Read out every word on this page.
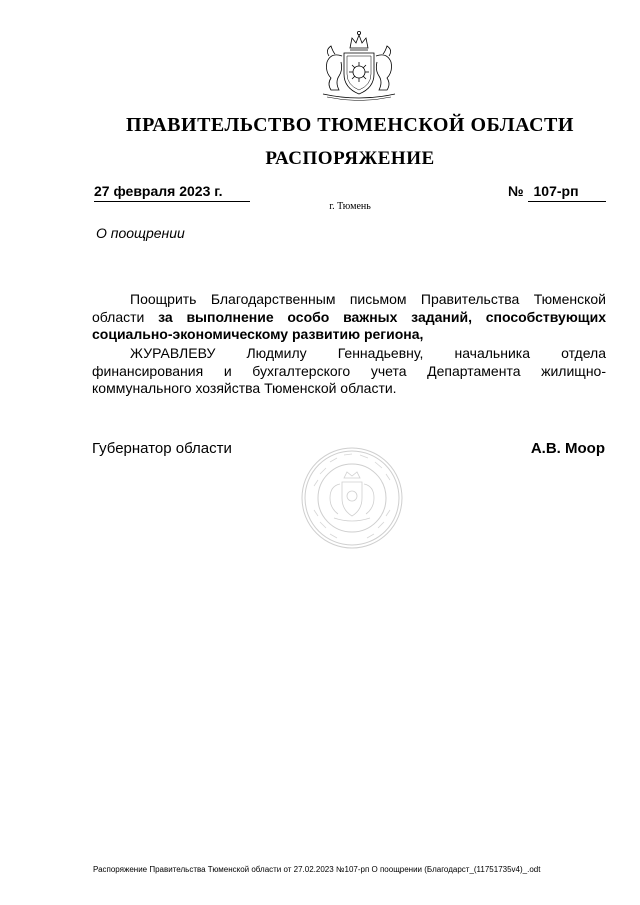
ПРАВИТЕЛЬСТВО ТЮМЕНСКОЙ ОБЛАСТИ
РАСПОРЯЖЕНИЕ
27 февраля 2023 г.	№ 107-рп
г. Тюмень
О поощрении
Поощрить Благодарственным письмом Правительства Тюменской области за выполнение особо важных заданий, способствующих социально-экономическому развитию региона,
ЖУРАВЛЕВУ Людмилу Геннадьевну, начальника отдела финансирования и бухгалтерского учета Департамента жилищно-коммунального хозяйства Тюменской области.
Губернатор области	А.В. Моор
Распоряжение Правительства Тюменской области от 27.02.2023 №107-рп О поощрении (Благодарст_(11751735v4)_.odt
